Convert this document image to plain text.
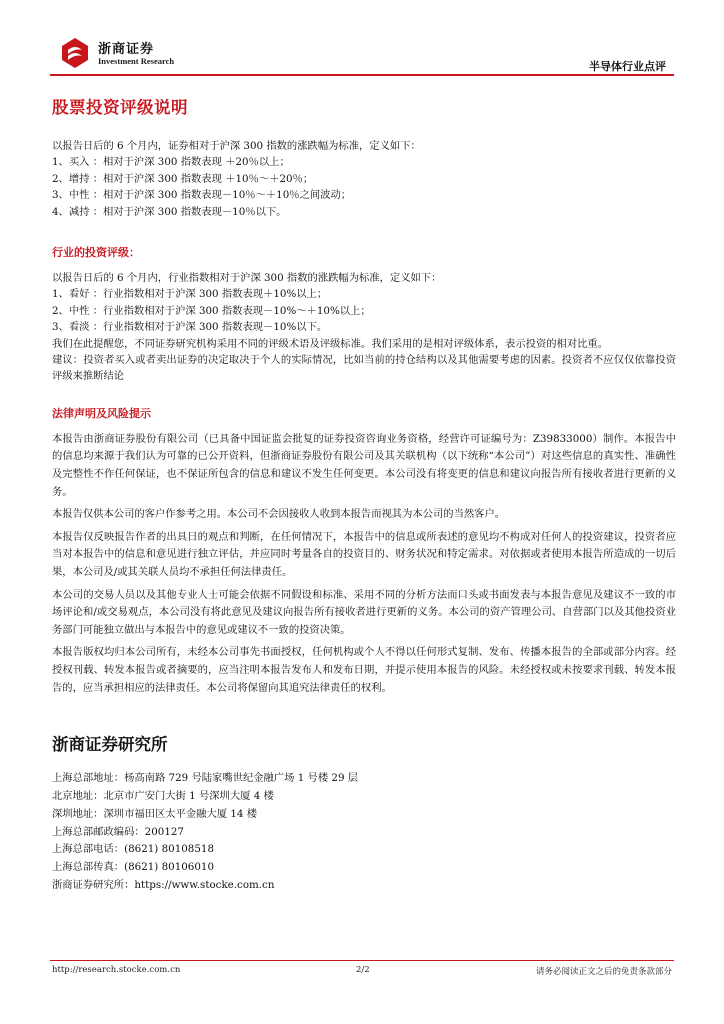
浙商证券
Investment Research	半导体行业点评
股票投资评级说明
以报告日后的 6 个月内，证券相对于沪深 300 指数的涨跌幅为标准，定义如下：
1、买入 ：相对于沪深 300 指数表现 ＋20％以上；
2、增持 ：相对于沪深 300 指数表现 ＋10％～＋20％；
3、中性 ：相对于沪深 300 指数表现－10％～＋10％之间波动；
4、减持 ：相对于沪深 300 指数表现－10％以下。
行业的投资评级：
以报告日后的 6 个月内，行业指数相对于沪深 300 指数的涨跌幅为标准，定义如下：
1、看好 ：行业指数相对于沪深 300 指数表现＋10%以上；
2、中性 ：行业指数相对于沪深 300 指数表现－10%～＋10%以上；
3、看淡 ：行业指数相对于沪深 300 指数表现－10%以下。
我们在此提醒您，不同证券研究机构采用不同的评级术语及评级标准。我们采用的是相对评级体系，表示投资的相对比重。
建议：投资者买入或者卖出证券的决定取决于个人的实际情况，比如当前的持仓结构以及其他需要考虑的因素。投资者不应仅仅依靠投资评级来推断结论
法律声明及风险提示
本报告由浙商证券股份有限公司（已具备中国证监会批复的证券投资咨询业务资格，经营许可证编号为：Z39833000）制作。本报告中的信息均来源于我们认为可靠的已公开资料，但浙商证券股份有限公司及其关联机构（以下统称“本公司”）对这些信息的真实性、准确性及完整性不作任何保证，也不保证所包含的信息和建议不发生任何变更。本公司没有将变更的信息和建议向报告所有接收者进行更新的义务。
本报告仅供本公司的客户作参考之用。本公司不会因接收人收到本报告而视其为本公司的当然客户。
本报告仅反映报告作者的出具日的观点和判断，在任何情况下，本报告中的信息或所表述的意见均不构成对任何人的投资建议，投资者应当对本报告中的信息和意见进行独立评估，并应同时考量各自的投资目的、财务状况和特定需求。对依据或者使用本报告所造成的一切后果，本公司及/或其关联人员均不承担任何法律责任。
本公司的交易人员以及其他专业人士可能会依据不同假设和标准、采用不同的分析方法而口头或书面发表与本报告意见及建议不一致的市场评论和/或交易观点，本公司没有将此意见及建议向报告所有接收者进行更新的义务。本公司的资产管理公司、自营部门以及其他投资业务部门可能独立做出与本报告中的意见或建议不一致的投资决策。
本报告版权均归本公司所有，未经本公司事先书面授权，任何机构或个人不得以任何形式复制、发布、传播本报告的全部或部分内容。经授权刊载、转发本报告或者摘要的，应当注明本报告发布人和发布日期，并提示使用本报告的风险。未经授权或未按要求刊载、转发本报告的，应当承担相应的法律责任。本公司将保留向其追究法律责任的权利。
浙商证券研究所
上海总部地址：杨高南路 729 号陆家嘴世纪金融广场 1 号楼 29 层
北京地址：北京市广安门大街 1 号深圳大厦 4 楼
深圳地址：深圳市福田区太平金融大厦 14 楼
上海总部邮政编码：200127
上海总部电话：(8621) 80108518
上海总部传真：(8621) 80106010
浙商证券研究所：https://www.stocke.com.cn
http://research.stocke.com.cn	2/2	请务必阅读正文之后的免责条款部分
